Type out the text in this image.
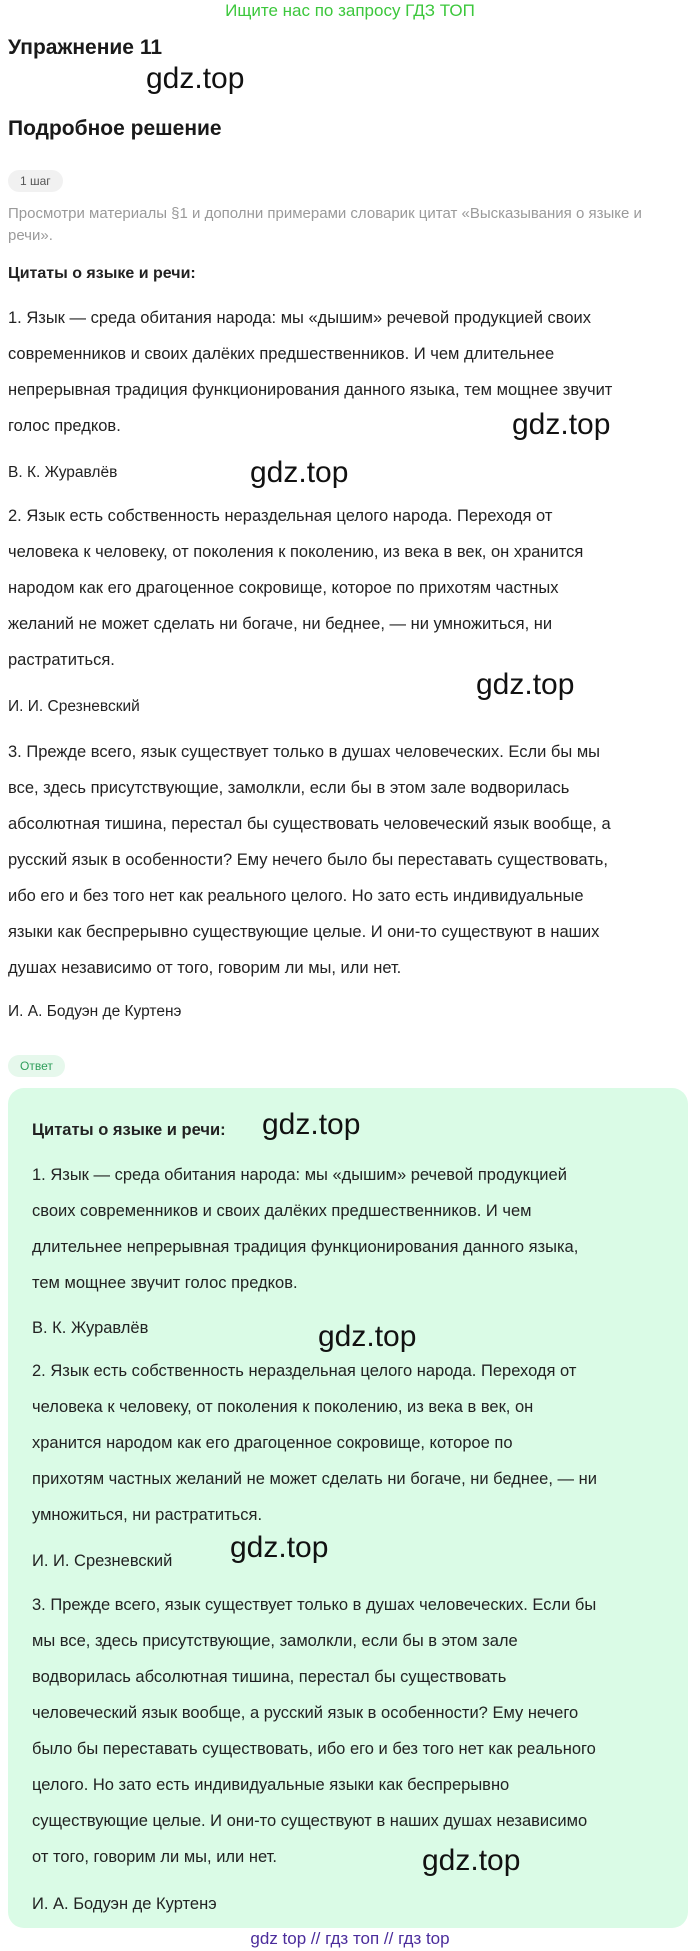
Ищите нас по запросу ГДЗ ТОП
Упражнение 11
gdz.top
Подробное решение
1 шаг
Просмотри материалы §1 и дополни примерами словарик цитат «Высказывания о языке и речи».
Цитаты о языке и речи:

1. Язык — среда обитания народа: мы «дышим» речевой продукцией своих

современников и своих далёких предшественников. И чем длительнее

непрерывная традиция функционирования данного языка, тем мощнее звучит

голос предков.	gdz.top
В. К. Журавлёв	gdz.top

2. Язык есть собственность нераздельная целого народа. Переходя от

человека к человеку, от поколения к поколению, из века в век, он хранится

народом как его драгоценное сокровище, которое по прихотям частных

желаний не может сделать ни богаче, ни беднее, — ни умножиться, ни

растратиться.

gdz.top
И. И. Срезневский

3. Прежде всего, язык существует только в душах человеческих. Если бы мы

все, здесь присутствующие, замолкли, если бы в этом зале водворилась

абсолютная тишина, перестал бы существовать человеческий язык вообще, а

русский язык в особенности? Ему нечего было бы переставать существовать,

ибо его и без того нет как реального целого. Но зато есть индивидуальные

языки как беспрерывно существующие целые. И они-то существуют в наших

душах независимо от того, говорим ли мы, или нет.

И. А. Бодуэн де Куртенэ
Ответ
Цитаты о языке и речи:	gdz.top

1. Язык — среда обитания народа: мы «дышим» речевой продукцией

своих современников и своих далёких предшественников. И чем

длительнее непрерывная традиция функционирования данного языка,

тем мощнее звучит голос предков.

В. К. Журавлёв	gdz.top

2. Язык есть собственность нераздельная целого народа. Переходя от

человека к человеку, от поколения к поколению, из века в век, он

хранится народом как его драгоценное сокровище, которое по

прихотям частных желаний не может сделать ни богаче, ни беднее, — ни

умножиться, ни растратиться.

И. И. Срезневский	gdz.top

3. Прежде всего, язык существует только в душах человеческих. Если бы

мы все, здесь присутствующие, замолкли, если бы в этом зале

водворилась абсолютная тишина, перестал бы существовать

человеческий язык вообще, а русский язык в особенности? Ему нечего

было бы переставать существовать, ибо его и без того нет как реального

целого. Но зато есть индивидуальные языки как беспрерывно

существующие целые. И они-то существуют в наших душах независимо

от того, говорим ли мы, или нет.	gdz.top
И. А. Бодуэн де Куртенэ
gdz top // гдз топ // гдз top
